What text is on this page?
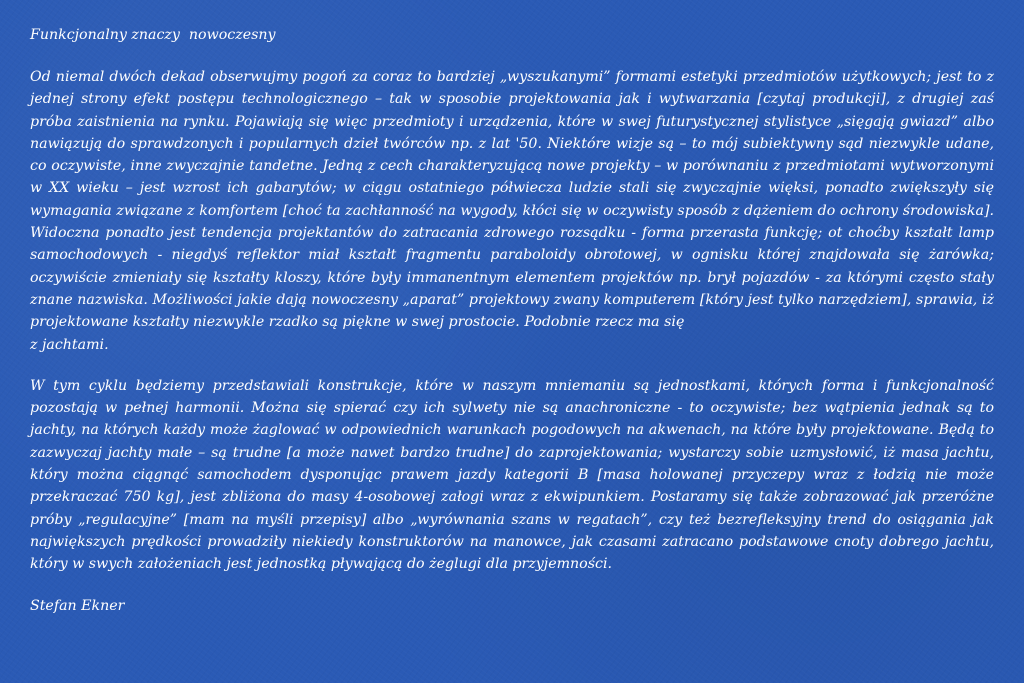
Funkcjonalny znaczy  nowoczesny
Od niemal dwóch dekad obserwujmy pogoń za coraz to bardziej „wyszukanymi” formami estetyki przedmiotów użytkowych; jest to z jednej strony efekt postępu technologicznego – tak w sposobie projektowania jak i wytwarzania [czytaj produkcji], z drugiej zaś próba zaistnienia na rynku. Pojawiają się więc przedmioty i urządzenia, które w swej futurystycznej stylistyce „sięgają gwiazd” albo nawiązują do sprawdzonych i popularnych dzieł twórców np. z lat '50. Niektóre wizje są – to mój subiektywny sąd niezwykle udane, co oczywiste, inne zwyczajnie tandetne. Jedną z cech charakteryzującą nowe projekty – w porównaniu z przedmiotami wytworzonymi w XX wieku – jest wzrost ich gabarytów; w ciągu ostatniego półwiecza ludzie stali się zwyczajnie więksi, ponadto zwiększyły się wymagania związane z komfortem [choć ta zachłanność na wygody, kłóci się w oczywisty sposób z dążeniem do ochrony środowiska]. Widoczna ponadto jest tendencja projektantów do zatracania zdrowego rozsądku - forma przerasta funkcję; ot choćby kształt lamp samochodowych - niegdyś reflektor miał kształt fragmentu paraboloidy obrotowej, w ognisku której znajdowała się żarówka; oczywiście zmieniały się kształty kloszy, które były immanentnym elementem projektów np. brył pojazdów - za którymi często stały znane nazwiska. Możliwości jakie dają nowoczesny „aparat” projektowy zwany komputerem [który jest tylko narzędziem], sprawia, iż projektowane kształty niezwykle rzadko są piękne w swej prostocie. Podobnie rzecz ma się
z jachtami.
W tym cyklu będziemy przedstawiali konstrukcje, które w naszym mniemaniu są jednostkami, których forma i funkcjonalność pozostają w pełnej harmonii. Można się spierać czy ich sylwety nie są anachroniczne - to oczywiste; bez wątpienia jednak są to jachty, na których każdy może żaglować w odpowiednich warunkach pogodowych na akwenach, na które były projektowane. Będą to zazwyczaj jachty małe – są trudne [a może nawet bardzo trudne] do zaprojektowania; wystarczy sobie uzmysłowić, iż masa jachtu, który można ciągnąć samochodem dysponując prawem jazdy kategorii B [masa holowanej przyczepy wraz z łodzią nie może przekraczać 750 kg], jest zbliżona do masy 4-osobowej załogi wraz z ekwipunkiem. Postaramy się także zobrazować jak przeróżne próby „regulacyjne” [mam na myśli przepisy] albo „wyrównania szans w regatach”, czy też bezrefleksyjny trend do osiągania jak największych prędkości prowadziły niekiedy konstruktorów na manowce, jak czasami zatracano podstawowe cnoty dobrego jachtu, który w swych założeniach jest jednostką pływającą do żeglugi dla przyjemności.
Stefan Ekner
